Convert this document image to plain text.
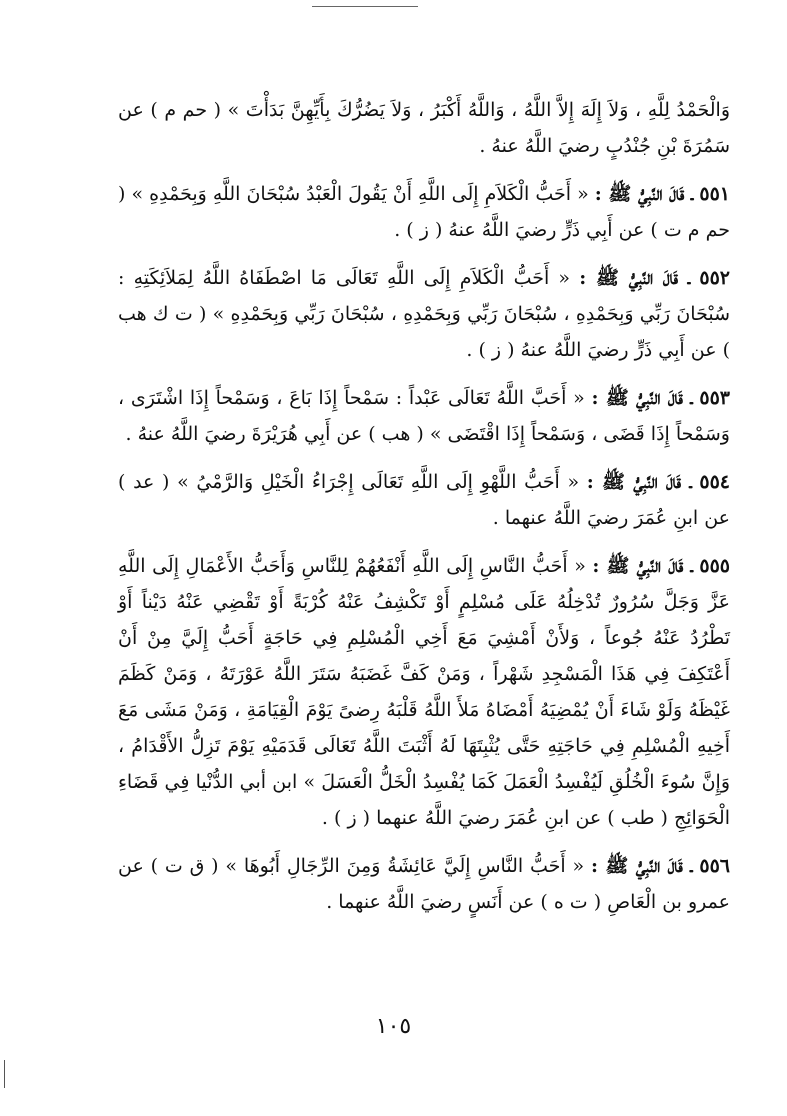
وَالْحَمْدُ لِلَّهِ ، وَلاَ إِلَهَ إِلاَّ اللَّهُ ، وَاللَّهُ أَكْبَرُ ، وَلاَ يَضُرُّكَ بِأَيِّهِنَّ بَدَأْتَ » ( حم م ) عن سَمُرَةَ بْنِ جُنْدُبٍ رضيَ اللَّهُ عنهُ .

٥٥١ ـ قَالَ النَّبِيُّ ﷺ : « أَحَبُّ الْكَلاَمِ إِلَى اللَّهِ أَنْ يَقُولَ الْعَبْدُ سُبْحَانَ اللَّهِ وَبِحَمْدِهِ » ( حم م ت ) عن أَبِي ذَرٍّ رضيَ اللَّهُ عنهُ ( ز ) .

٥٥٢ ـ قَالَ النَّبِيُّ ﷺ : « أَحَبُّ الْكَلاَمِ إِلَى اللَّهِ تَعَالَى مَا اصْطَفَاهُ اللَّهُ لِمَلاَئِكَتِهِ : سُبْحَانَ رَبِّي وَبِحَمْدِهِ ، سُبْحَانَ رَبِّي وَبِحَمْدِهِ ، سُبْحَانَ رَبِّي وَبِحَمْدِهِ » ( ت ك هب ) عن أَبِي ذَرٍّ رضيَ اللَّهُ عنهُ ( ز ) .

٥٥٣ ـ قَالَ النَّبِيُّ ﷺ : « أَحَبَّ اللَّهُ تَعَالَى عَبْداً : سَمْحاً إِذَا بَاعَ ، وَسَمْحاً إِذَا اشْتَرَى ، وَسَمْحاً إِذَا قَضَى ، وَسَمْحاً إِذَا اقْتَضَى » ( هب ) عن أَبِي هُرَيْرَةَ رضيَ اللَّهُ عنهُ .

٥٥٤ ـ قَالَ النَّبِيُّ ﷺ : « أَحَبُّ اللَّهْوِ إِلَى اللَّهِ تَعَالَى إِجْرَاءُ الْخَيْلِ وَالرَّمْيُ » ( عد ) عن ابنِ عُمَرَ رضيَ اللَّهُ عنهما .

٥٥٥ ـ قَالَ النَّبِيُّ ﷺ : « أَحَبُّ النَّاسِ إِلَى اللَّهِ أَنْفَعُهُمْ لِلنَّاسِ وَأَحَبُّ الأَعْمَالِ إِلَى اللَّهِ عَزَّ وَجَلَّ سُرُورٌ تُدْخِلُهُ عَلَى مُسْلِمٍ أَوْ تَكْشِفُ عَنْهُ كُرْبَةً أَوْ تَقْضِي عَنْهُ دَيْناً أَوْ تَطْرُدُ عَنْهُ جُوعاً ، وَلأَنْ أَمْشِيَ مَعَ أَخِي الْمُسْلِمِ فِي حَاجَةٍ أَحَبُّ إِلَيَّ مِنْ أَنْ أَعْتَكِفَ فِي هَذَا الْمَسْجِدِ شَهْراً ، وَمَنْ كَفَّ غَضَبَهُ سَتَرَ اللَّهُ عَوْرَتَهُ ، وَمَنْ كَظَمَ غَيْظَهُ وَلَوْ شَاءَ أَنْ يُمْضِيَهُ أَمْضَاهُ مَلأَ اللَّهُ قَلْبَهُ رِضىً يَوْمَ الْقِيَامَةِ ، وَمَنْ مَشَى مَعَ أَخِيهِ الْمُسْلِمِ فِي حَاجَتِهِ حَتَّى يُثْبِتَهَا لَهُ أَثْبَتَ اللَّهُ تَعَالَى قَدَمَيْهِ يَوْمَ تَزِلُّ الأَقْدَامُ ، وَإِنَّ سُوءَ الْخُلُقِ لَيُفْسِدُ الْعَمَلَ كَمَا يُفْسِدُ الْخَلُّ الْعَسَلَ » ابن أبي الدُّنْيا فِي قَضَاءِ الْحَوَائِجِ ( طب ) عن ابنِ عُمَرَ رضيَ اللَّهُ عنهما ( ز ) .

٥٥٦ ـ قَالَ النَّبِيُّ ﷺ : « أَحَبُّ النَّاسِ إِلَيَّ عَائِشَةُ وَمِنَ الرِّجَالِ أَبُوهَا » ( ق ت ) عن عمرو بن الْعَاصِ ( ت ه ) عن أَنَسٍ رضيَ اللَّهُ عنهما .

١٠٥
